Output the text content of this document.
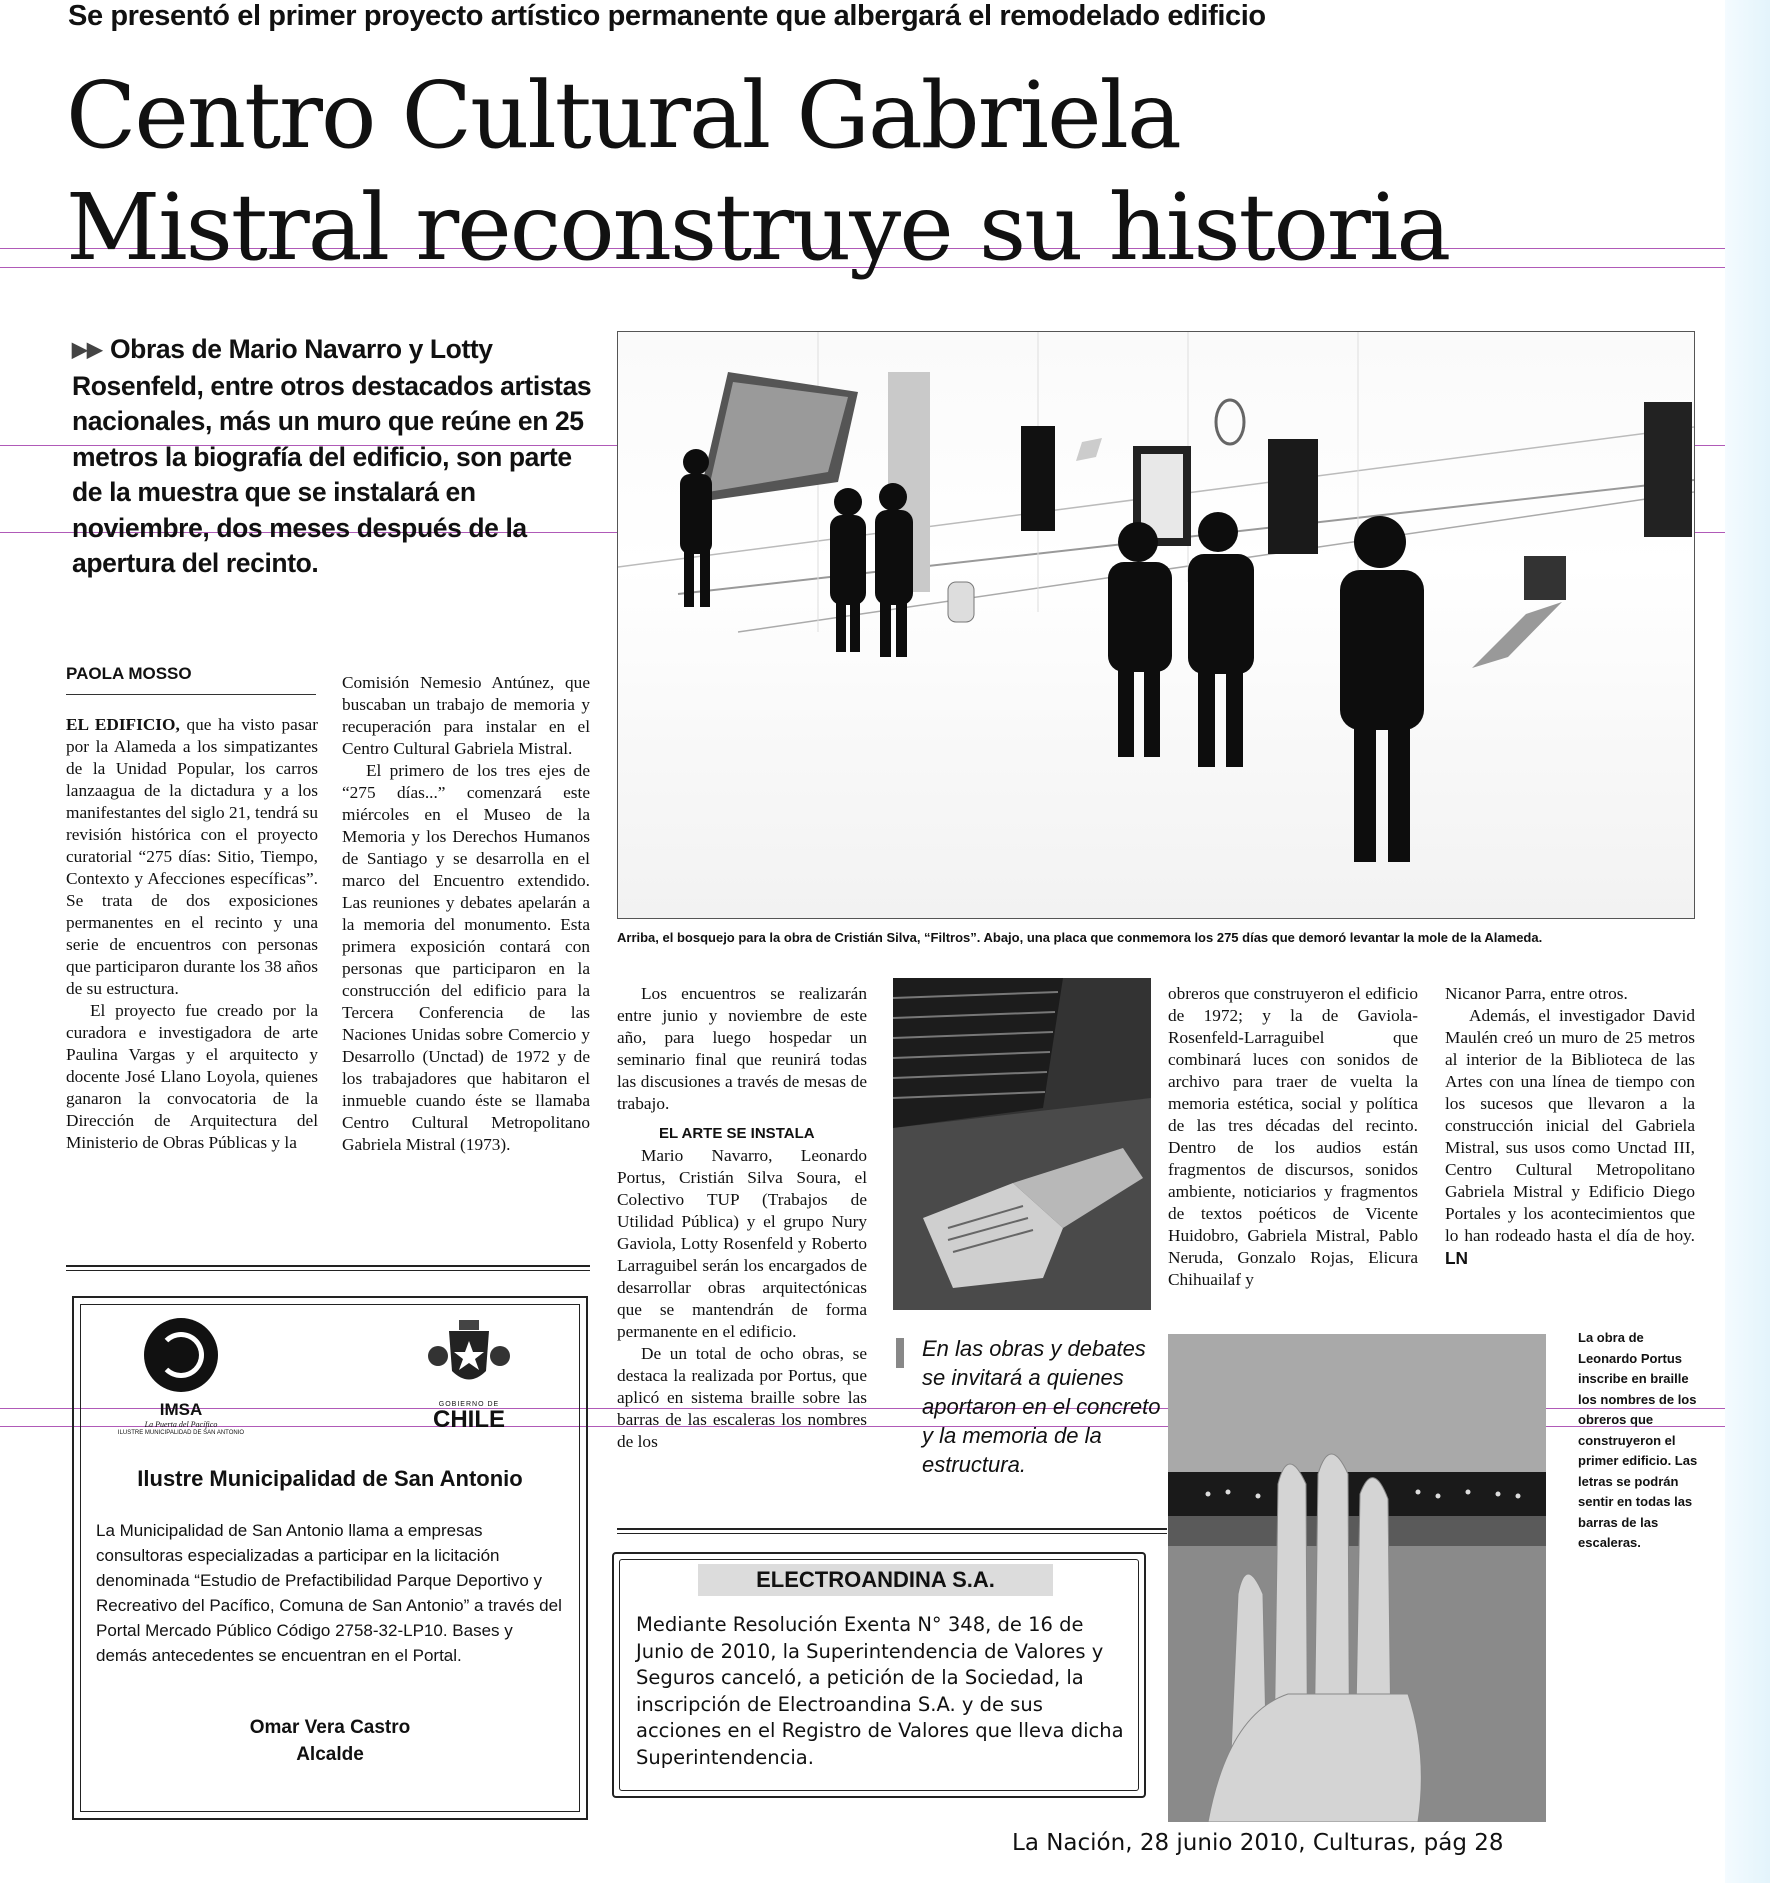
Se presentó el primer proyecto artístico permanente que albergará el remodelado edificio
Centro Cultural Gabriela
Mistral reconstruye su historia
▶▶ Obras de Mario Navarro y Lotty Rosenfeld, entre otros destacados artistas nacionales, más un muro que reúne en 25 metros la biografía del edificio, son parte de la muestra que se instalará en noviembre, dos meses después de la apertura del recinto.
Arriba, el bosquejo para la obra de Cristián Silva, “Filtros”. Abajo, una placa que conmemora los 275 días que demoró levantar la mole de la Alameda.
PAOLA MOSSO

EL EDIFICIO, que ha visto pasar por la Alameda a los simpatizantes de la Unidad Popular, los carros lanzaagua de la dictadura y a los manifestantes del siglo 21, tendrá su revisión histórica con el proyecto curatorial “275 días: Sitio, Tiempo, Contexto y Afecciones específicas”. Se trata de dos exposiciones permanentes en el recinto y una serie de encuentros con personas que participaron durante los 38 años de su estructura.

El proyecto fue creado por la curadora e investigadora de arte Paulina Vargas y el arquitecto y docente José Llano Loyola, quienes ganaron la convocatoria de la Dirección de Arquitectura del Ministerio de Obras Públicas y la

Comisión Nemesio Antúnez, que buscaban un trabajo de memoria y recuperación para instalar en el Centro Cultural Gabriela Mistral.

El primero de los tres ejes de “275 días...” comenzará este miércoles en el Museo de la Memoria y los Derechos Humanos de Santiago y se desarrolla en el marco del Encuentro extendido. Las reuniones y debates apelarán a la memoria del monumento. Esta primera exposición contará con personas que participaron en la construcción del edificio para la Tercera Conferencia de las Naciones Unidas sobre Comercio y Desarrollo (Unctad) de 1972 y de los trabajadores que habitaron el inmueble cuando éste se llamaba Centro Cultural Metropolitano Gabriela Mistral (1973).

Los encuentros se realizarán entre junio y noviembre de este año, para luego hospedar un seminario final que reunirá todas las discusiones a través de mesas de trabajo.

EL ARTE SE INSTALA

Mario Navarro, Leonardo Portus, Cristián Silva Soura, el Colectivo TUP (Trabajos de Utilidad Pública) y el grupo Nury Gaviola, Lotty Rosenfeld y Roberto Larraguibel serán los encargados de desarrollar obras arquitectónicas que se mantendrán de forma permanente en el edificio.

De un total de ocho obras, se destaca la realizada por Portus, que aplicó en sistema braille sobre las barras de las escaleras los nombres de los

obreros que construyeron el edificio de 1972; y la de Gaviola-Rosenfeld-Larraguibel que combinará luces con sonidos de archivo para traer de vuelta la memoria estética, social y política de las tres décadas del recinto. Dentro de los audios están fragmentos de discursos, sonidos ambiente, noticiarios y fragmentos de textos poéticos de Vicente Huidobro, Gabriela Mistral, Pablo Neruda, Gonzalo Rojas, Elicura Chihuailaf y

Nicanor Parra, entre otros.

Además, el investigador David Maulén creó un muro de 25 metros al interior de la Biblioteca de las Artes con una línea de tiempo con los sucesos que llevaron a la construcción inicial del Gabriela Mistral, sus usos como Unctad III, Centro Cultural Metropolitano Gabriela Mistral y Edificio Diego Portales y los acontecimientos que lo han rodeado hasta el día de hoy. LN

En las obras y debates se invitará a quienes aportaron en el concreto y la memoria de la estructura.
La obra de Leonardo Portus inscribe en braille los nombres de los obreros que construyeron el primer edificio. Las letras se podrán sentir en todas las barras de las escaleras.
IMSA
La Puerta del Pacífico
ILUSTRE MUNICIPALIDAD DE SAN ANTONIO
GOBIERNO DE
CHILE
Ilustre Municipalidad de San Antonio
La Municipalidad de San Antonio llama a empresas consultoras especializadas a participar en la licitación denominada “Estudio de Prefactibilidad Parque Deportivo y Recreativo del Pacífico, Comuna de San Antonio” a través del Portal Mercado Público Código 2758-32-LP10. Bases y demás antecedentes se encuentran en el Portal.
Omar Vera Castro
Alcalde
ELECTROANDINA S.A.
Mediante Resolución Exenta N° 348, de 16 de Junio de 2010, la Superintendencia de Valores y Seguros canceló, a petición de la Sociedad, la inscripción de Electroandina S.A. y de sus acciones en el Registro de Valores que lleva dicha Superintendencia.
La Nación, 28 junio 2010, Culturas, pág 28
